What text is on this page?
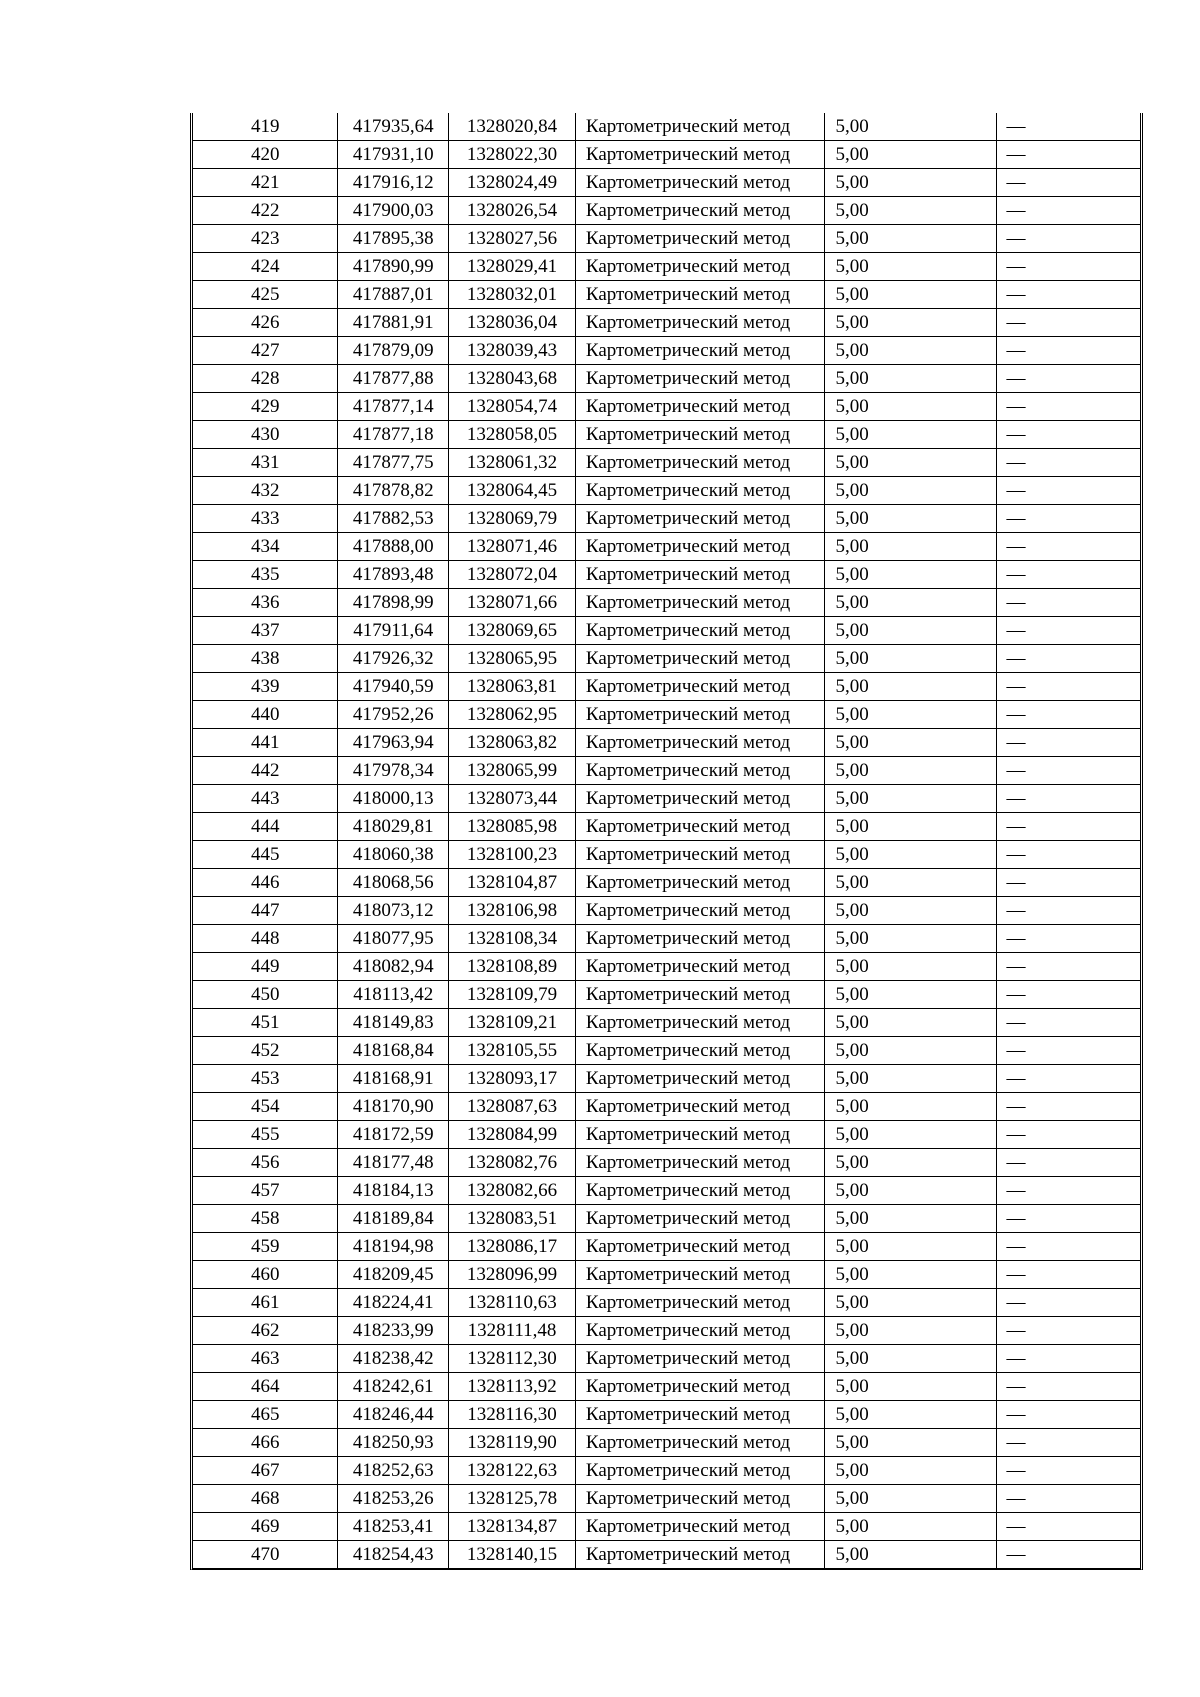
419	417935,64	1328020,84	Картометрический метод	5,00	—
420	417931,10	1328022,30	Картометрический метод	5,00	—
421	417916,12	1328024,49	Картометрический метод	5,00	—
422	417900,03	1328026,54	Картометрический метод	5,00	—
423	417895,38	1328027,56	Картометрический метод	5,00	—
424	417890,99	1328029,41	Картометрический метод	5,00	—
425	417887,01	1328032,01	Картометрический метод	5,00	—
426	417881,91	1328036,04	Картометрический метод	5,00	—
427	417879,09	1328039,43	Картометрический метод	5,00	—
428	417877,88	1328043,68	Картометрический метод	5,00	—
429	417877,14	1328054,74	Картометрический метод	5,00	—
430	417877,18	1328058,05	Картометрический метод	5,00	—
431	417877,75	1328061,32	Картометрический метод	5,00	—
432	417878,82	1328064,45	Картометрический метод	5,00	—
433	417882,53	1328069,79	Картометрический метод	5,00	—
434	417888,00	1328071,46	Картометрический метод	5,00	—
435	417893,48	1328072,04	Картометрический метод	5,00	—
436	417898,99	1328071,66	Картометрический метод	5,00	—
437	417911,64	1328069,65	Картометрический метод	5,00	—
438	417926,32	1328065,95	Картометрический метод	5,00	—
439	417940,59	1328063,81	Картометрический метод	5,00	—
440	417952,26	1328062,95	Картометрический метод	5,00	—
441	417963,94	1328063,82	Картометрический метод	5,00	—
442	417978,34	1328065,99	Картометрический метод	5,00	—
443	418000,13	1328073,44	Картометрический метод	5,00	—
444	418029,81	1328085,98	Картометрический метод	5,00	—
445	418060,38	1328100,23	Картометрический метод	5,00	—
446	418068,56	1328104,87	Картометрический метод	5,00	—
447	418073,12	1328106,98	Картометрический метод	5,00	—
448	418077,95	1328108,34	Картометрический метод	5,00	—
449	418082,94	1328108,89	Картометрический метод	5,00	—
450	418113,42	1328109,79	Картометрический метод	5,00	—
451	418149,83	1328109,21	Картометрический метод	5,00	—
452	418168,84	1328105,55	Картометрический метод	5,00	—
453	418168,91	1328093,17	Картометрический метод	5,00	—
454	418170,90	1328087,63	Картометрический метод	5,00	—
455	418172,59	1328084,99	Картометрический метод	5,00	—
456	418177,48	1328082,76	Картометрический метод	5,00	—
457	418184,13	1328082,66	Картометрический метод	5,00	—
458	418189,84	1328083,51	Картометрический метод	5,00	—
459	418194,98	1328086,17	Картометрический метод	5,00	—
460	418209,45	1328096,99	Картометрический метод	5,00	—
461	418224,41	1328110,63	Картометрический метод	5,00	—
462	418233,99	1328111,48	Картометрический метод	5,00	—
463	418238,42	1328112,30	Картометрический метод	5,00	—
464	418242,61	1328113,92	Картометрический метод	5,00	—
465	418246,44	1328116,30	Картометрический метод	5,00	—
466	418250,93	1328119,90	Картометрический метод	5,00	—
467	418252,63	1328122,63	Картометрический метод	5,00	—
468	418253,26	1328125,78	Картометрический метод	5,00	—
469	418253,41	1328134,87	Картометрический метод	5,00	—
470	418254,43	1328140,15	Картометрический метод	5,00	—
